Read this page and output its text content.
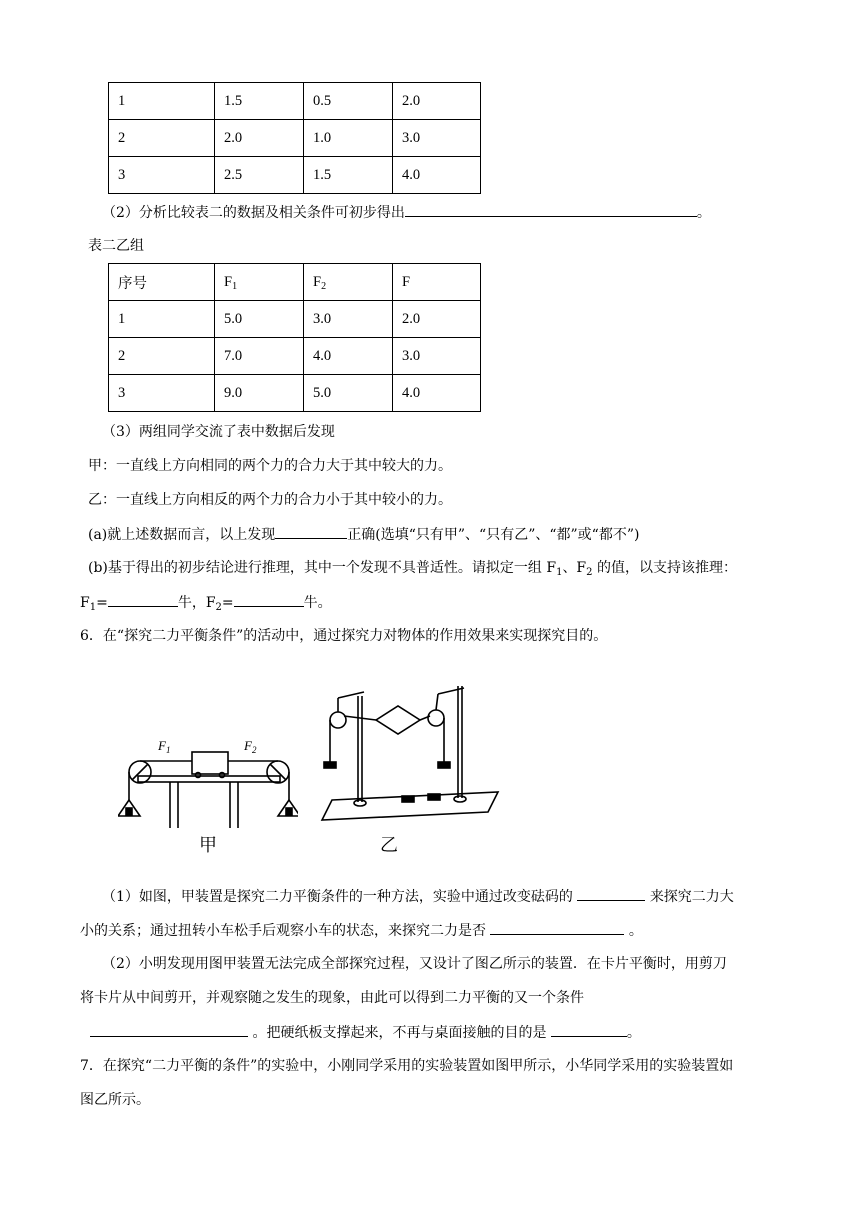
1	1.5	0.5	2.0
2	2.0	1.0	3.0
3	2.5	1.5	4.0
（2）分析比较表二的数据及相关条件可初步得出	。
表二乙组
序号	$F_1$	$F_2$	F
1	5.0	3.0	2.0
2	7.0	4.0	3.0
3	9.0	5.0	4.0
（3）两组同学交流了表中数据后发现
甲：一直线上方向相同的两个力的合力大于其中较大的力。
乙：一直线上方向相反的两个力的合力小于其中较小的力。
(a)就上述数据而言，以上发现	正确(选填“只有甲”、“只有乙”、“都”或“都不”)
(b)基于得出的初步结论进行推理，其中一个发现不具普适性。请拟定一组 $F_1$、$F_2$ 的值，以支持该推理：
$F_1=$	牛，$F_2=$	牛。
6．在“探究二力平衡条件”的活动中，通过探究力对物体的作用效果来实现探究目的。
$F_1$	$F_2$
甲	乙
（1）如图，甲装置是探究二力平衡条件的一种方法，实验中通过改变砝码的	来探究二力大
小的关系；通过扭转小车松手后观察小车的状态，来探究二力是否	。
（2）小明发现用图甲装置无法完成全部探究过程，又设计了图乙所示的装置．在卡片平衡时，用剪刀
将卡片从中间剪开，并观察随之发生的现象，由此可以得到二力平衡的又一个条件
。把硬纸板支撑起来，不再与桌面接触的目的是	。
7．在探究“二力平衡的条件”的实验中，小刚同学采用的实验装置如图甲所示，小华同学采用的实验装置如
图乙所示。
